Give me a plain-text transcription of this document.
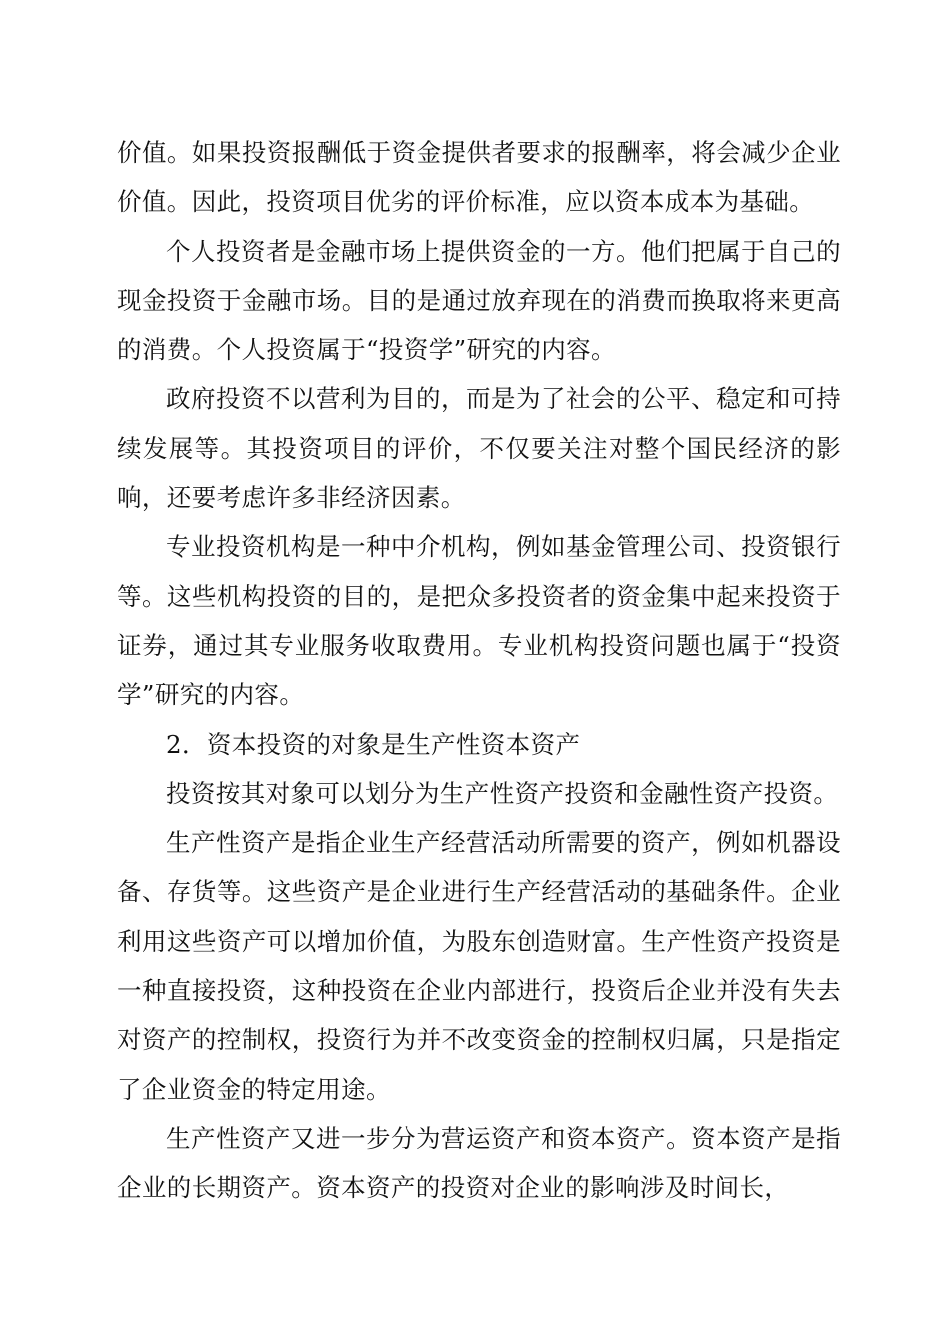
价值。如果投资报酬低于资金提供者要求的报酬率，将会减少企业价值。因此，投资项目优劣的评价标准，应以资本成本为基础。

个人投资者是金融市场上提供资金的一方。他们把属于自己的现金投资于金融市场。目的是通过放弃现在的消费而换取将来更高的消费。个人投资属于“投资学”研究的内容。

政府投资不以营利为目的，而是为了社会的公平、稳定和可持续发展等。其投资项目的评价，不仅要关注对整个国民经济的影响，还要考虑许多非经济因素。

专业投资机构是一种中介机构，例如基金管理公司、投资银行等。这些机构投资的目的，是把众多投资者的资金集中起来投资于证券，通过其专业服务收取费用。专业机构投资问题也属于“投资学”研究的内容。

2．资本投资的对象是生产性资本资产

投资按其对象可以划分为生产性资产投资和金融性资产投资。

生产性资产是指企业生产经营活动所需要的资产，例如机器设备、存货等。这些资产是企业进行生产经营活动的基础条件。企业利用这些资产可以增加价值，为股东创造财富。生产性资产投资是一种直接投资，这种投资在企业内部进行，投资后企业并没有失去对资产的控制权，投资行为并不改变资金的控制权归属，只是指定了企业资金的特定用途。

生产性资产又进一步分为营运资产和资本资产。资本资产是指企业的长期资产。资本资产的投资对企业的影响涉及时间长，
